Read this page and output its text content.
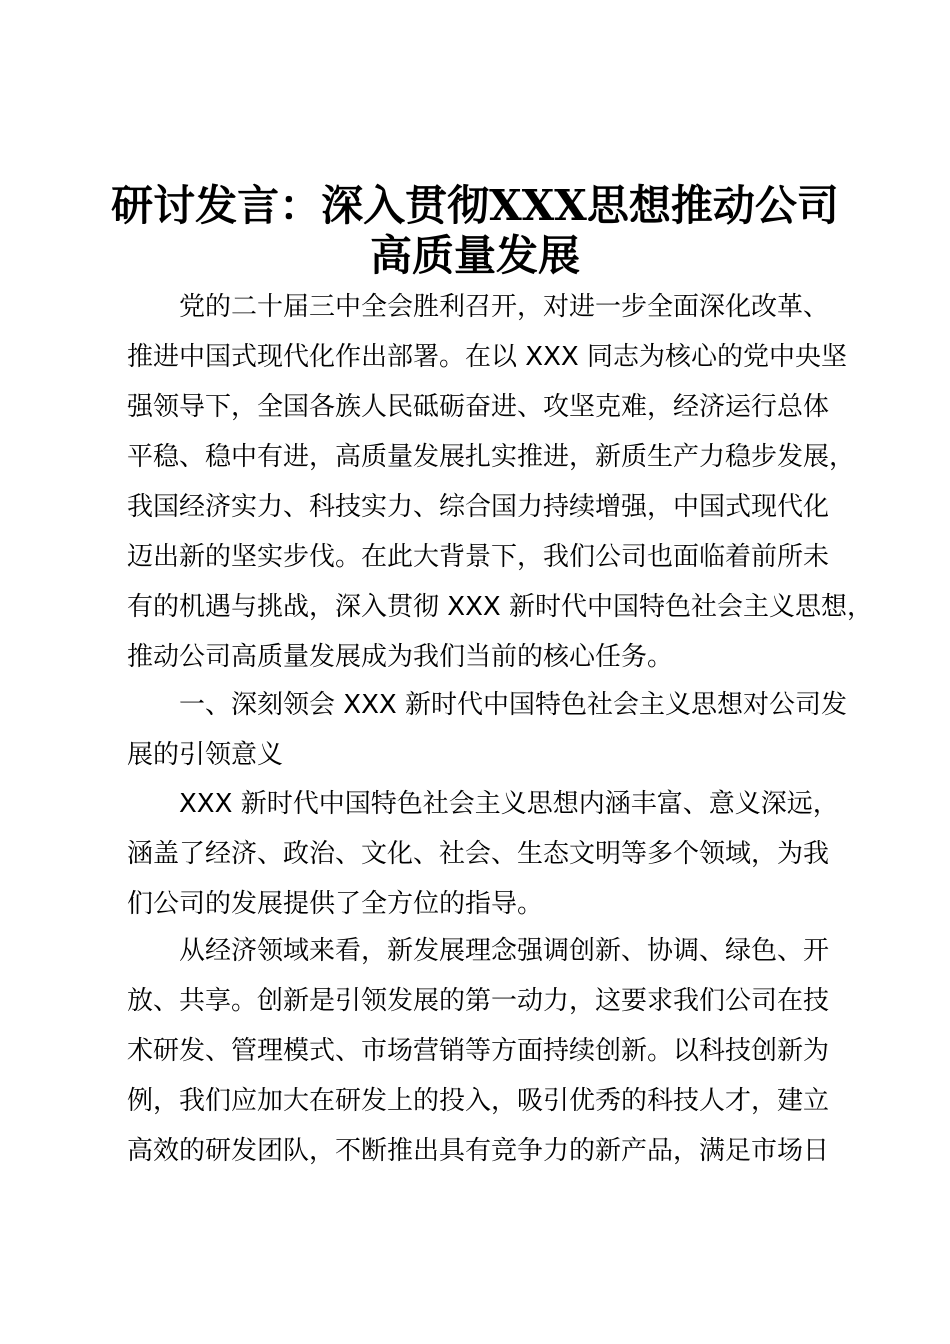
研讨发言：深入贯彻XXX思想推动公司
高质量发展
党的二十届三中全会胜利召开，对进一步全面深化改革、
推进中国式现代化作出部署。在以 XXX 同志为核心的党中央坚
强领导下，全国各族人民砥砺奋进、攻坚克难，经济运行总体
平稳、稳中有进，高质量发展扎实推进，新质生产力稳步发展，
我国经济实力、科技实力、综合国力持续增强，中国式现代化
迈出新的坚实步伐。在此大背景下，我们公司也面临着前所未
有的机遇与挑战，深入贯彻 XXX 新时代中国特色社会主义思想，
推动公司高质量发展成为我们当前的核心任务。
一、深刻领会 XXX 新时代中国特色社会主义思想对公司发
展的引领意义
XXX 新时代中国特色社会主义思想内涵丰富、意义深远，
涵盖了经济、政治、文化、社会、生态文明等多个领域，为我
们公司的发展提供了全方位的指导。
从经济领域来看，新发展理念强调创新、协调、绿色、开
放、共享。创新是引领发展的第一动力，这要求我们公司在技
术研发、管理模式、市场营销等方面持续创新。以科技创新为
例，我们应加大在研发上的投入，吸引优秀的科技人才，建立
高效的研发团队，不断推出具有竞争力的新产品，满足市场日
